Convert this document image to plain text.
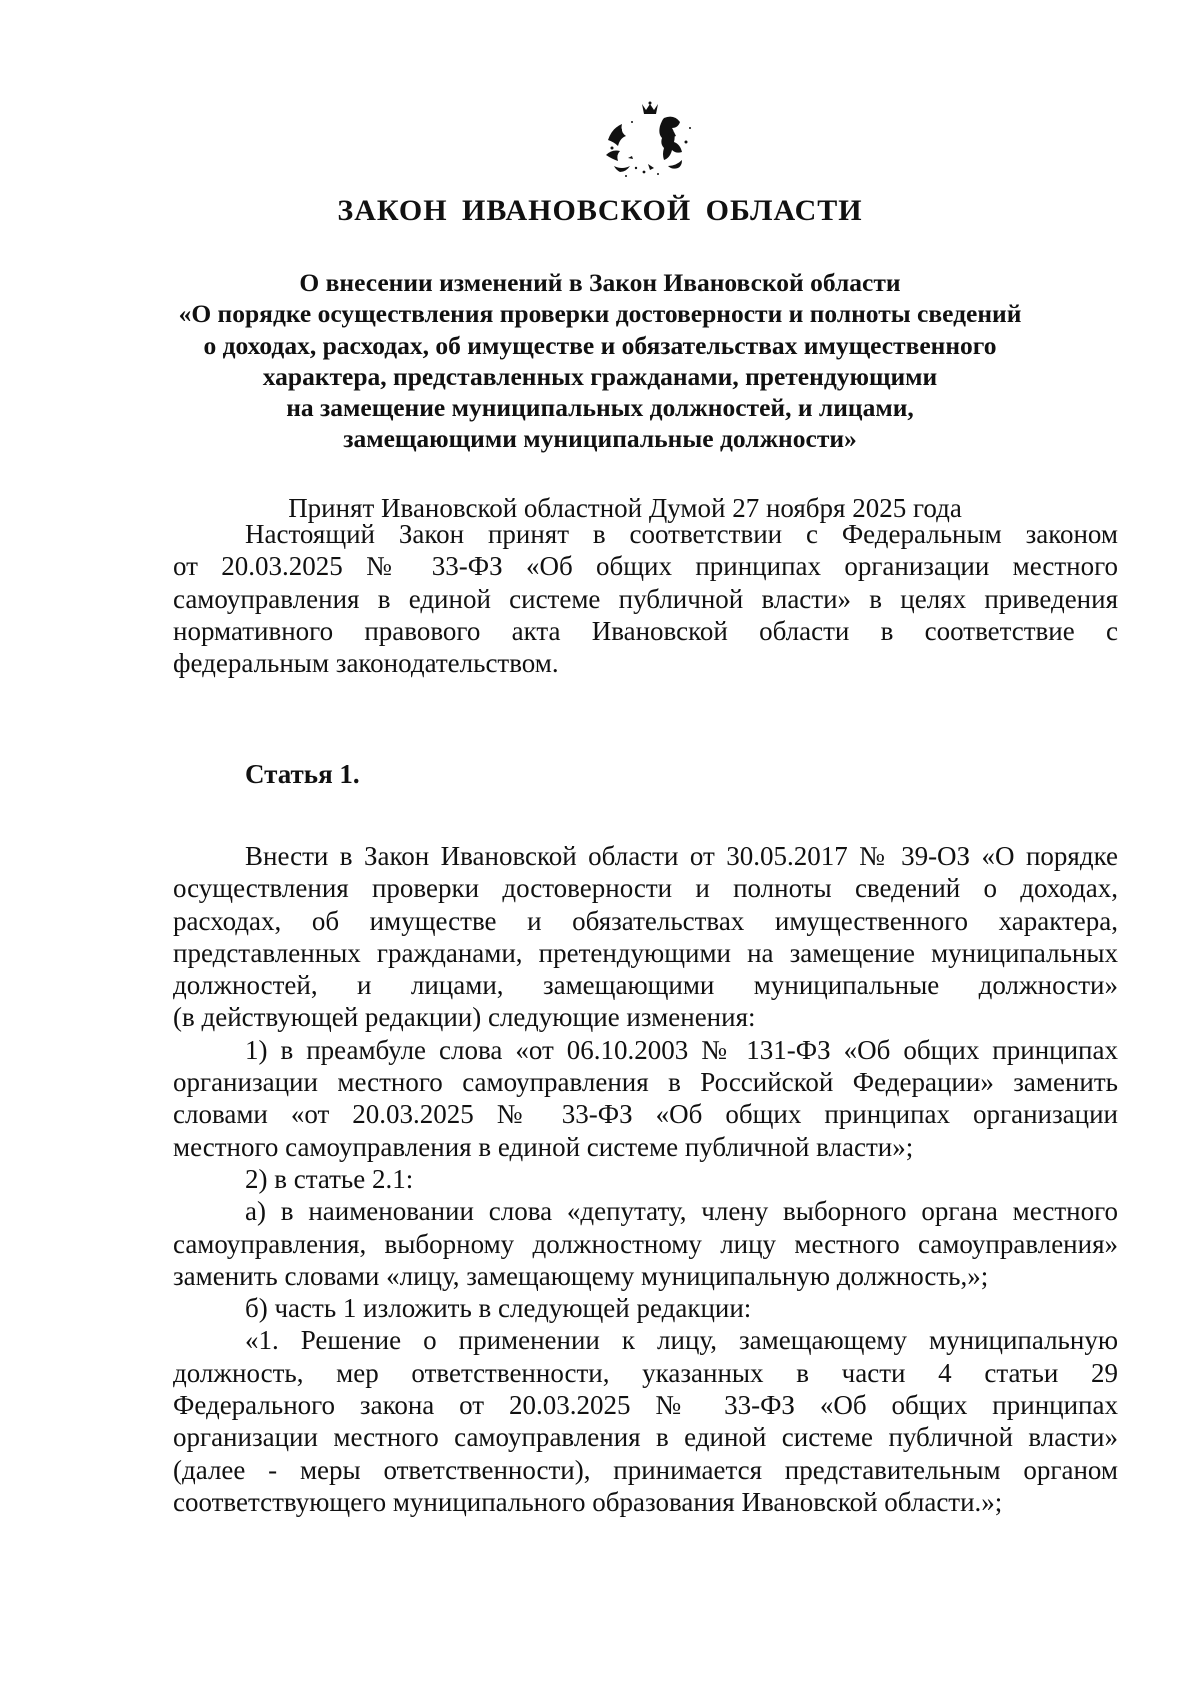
ЗАКОН ИВАНОВСКОЙ ОБЛАСТИ
О внесении изменений в Закон Ивановской области
«О порядке осуществления проверки достоверности и полноты сведений
о доходах, расходах, об имуществе и обязательствах имущественного
характера, представленных гражданами, претендующими
на замещение муниципальных должностей, и лицами,
замещающими муниципальные должности»
Принят Ивановской областной Думой 27 ноября 2025 года
Настоящий Закон принят в соответствии с Федеральным законом
от 20.03.2025 № 33-ФЗ «Об общих принципах организации местного
самоуправления в единой системе публичной власти» в целях приведения
нормативного правового акта Ивановской области в соответствие с
федеральным законодательством.
Статья 1.
Внести в Закон Ивановской области от 30.05.2017 № 39-ОЗ «О порядке
осуществления проверки достоверности и полноты сведений о доходах,
расходах, об имуществе и обязательствах имущественного характера,
представленных гражданами, претендующими на замещение муниципальных
должностей, и лицами, замещающими муниципальные должности»
(в действующей редакции) следующие изменения:
1) в преамбуле слова «от 06.10.2003 № 131-ФЗ «Об общих принципах
организации местного самоуправления в Российской Федерации» заменить
словами «от 20.03.2025 № 33-ФЗ «Об общих принципах организации
местного самоуправления в единой системе публичной власти»;
2) в статье 2.1:
а) в наименовании слова «депутату, члену выборного органа местного
самоуправления, выборному должностному лицу местного самоуправления»
заменить словами «лицу, замещающему муниципальную должность,»;
б) часть 1 изложить в следующей редакции:
«1. Решение о применении к лицу, замещающему муниципальную
должность, мер ответственности, указанных в части 4 статьи 29
Федерального закона от 20.03.2025 № 33-ФЗ «Об общих принципах
организации местного самоуправления в единой системе публичной власти»
(далее - меры ответственности), принимается представительным органом
соответствующего муниципального образования Ивановской области.»;
